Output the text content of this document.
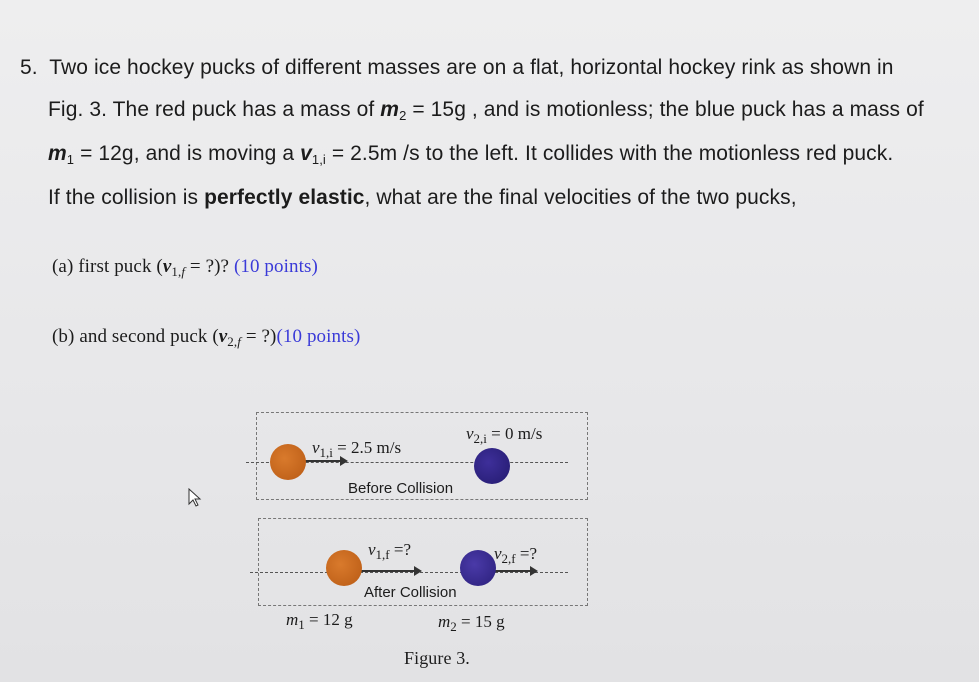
5. Two ice hockey pucks of different masses are on a flat, horizontal hockey rink as shown in
Fig. 3. The red puck has a mass of $m_2 = 15g$ , and is motionless; the blue puck has a mass of
$m_1 = 12g$, and is moving a $v_{1,i} = 2.5m$ /s to the left. It collides with the motionless red puck.
If the collision is perfectly elastic, what are the final velocities of the two pucks,
(a) first puck ($v_{1,f}$ = ?)? (10 points)
(b) and second puck ($v_{2,f}$ = ?)(10 points)
$v_{1,i} = 2.5$ m/s
$v_{2,i} = 0$ m/s
Before Collision
$v_{1,f}$ =?	$v_{2,f}$ =?
After Collision
$m_1 = 12$ g	$m_2 = 15$ g
Figure 3.
